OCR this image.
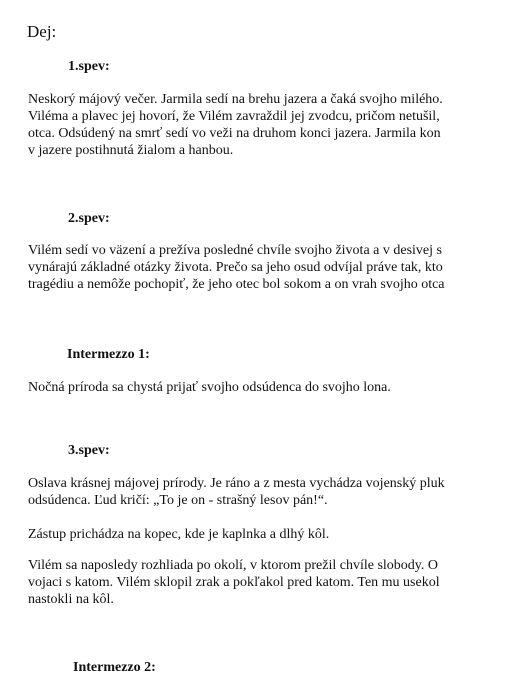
Dej:
1.spev:
Neskorý májový večer. Jarmila sedí na brehu jazera a čaká svojho milého.
Viléma a plavec jej hovorí, že Vilém zavraždil jej zvodcu, pričom netušil,
otca. Odsúdený na smrť sedí vo veži na druhom konci jazera. Jarmila kon
v jazere postihnutá žialom a hanbou.
2.spev:
Vilém sedí vo väzení a prežíva posledné chvíle svojho života a v desivej s
vynárajú základné otázky života. Prečo sa jeho osud odvíjal práve tak, kto
tragédiu a nemôže pochopiť, že jeho otec bol sokom a on vrah svojho otca
Intermezzo 1:
Nočná príroda sa chystá prijať svojho odsúdenca do svojho lona.
3.spev:
Oslava krásnej májovej prírody. Je ráno a z mesta vychádza vojenský pluk
odsúdenca. Ľud kričí: „To je on - strašný lesov pán!“.
Zástup prichádza na kopec, kde je kaplnka a dlhý kôl.
Vilém sa naposledy rozhliada po okolí, v ktorom prežil chvíle slobody. O
vojaci s katom. Vilém sklopil zrak a pokľakol pred katom. Ten mu usekol
nastokli na kôl.
Intermezzo 2:
